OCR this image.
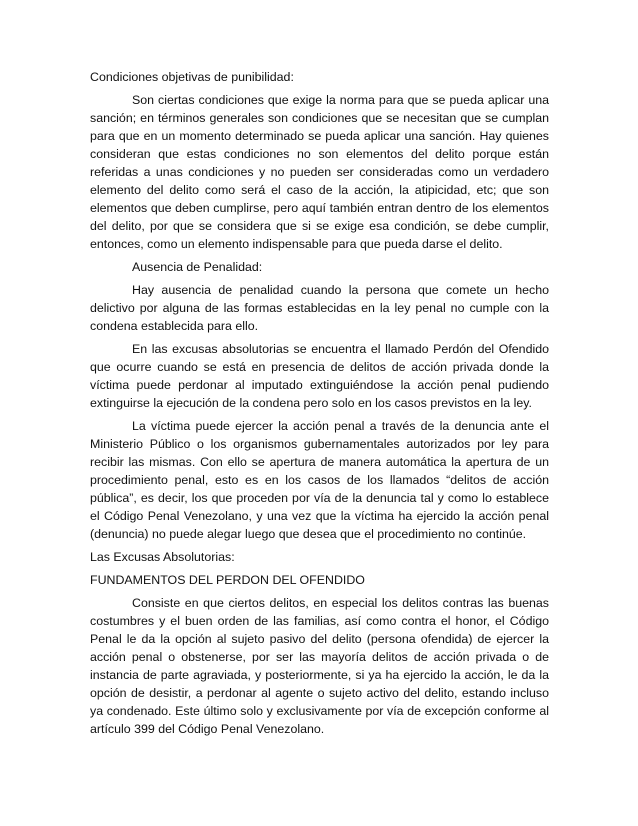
Condiciones objetivas de punibilidad:

Son ciertas condiciones que exige la norma para que se pueda aplicar una sanción; en términos generales son condiciones que se necesitan que se cumplan para que en un momento determinado se pueda aplicar una sanción. Hay quienes consideran que estas condiciones no son elementos del delito porque están referidas a unas condiciones y no pueden ser consideradas como un verdadero elemento del delito como será el caso de la acción, la atipicidad, etc; que son elementos que deben cumplirse, pero aquí también entran dentro de los elementos del delito, por que se considera que si se exige esa condición, se debe cumplir, entonces, como un elemento indispensable para que pueda darse el delito.

Ausencia de Penalidad:

Hay ausencia de penalidad cuando la persona que comete un hecho delictivo por alguna de las formas establecidas en la ley penal no cumple con la condena establecida para ello.

En las excusas absolutorias se encuentra el llamado Perdón del Ofendido que ocurre cuando se está en presencia de delitos de acción privada donde la víctima puede perdonar al imputado extinguiéndose la acción penal pudiendo extinguirse la ejecución de la condena pero solo en los casos previstos en la ley.

La víctima puede ejercer la acción penal a través de la denuncia ante el Ministerio Público o los organismos gubernamentales autorizados por ley para recibir las mismas. Con ello se apertura de manera automática la apertura de un procedimiento penal, esto es en los casos de los llamados “delitos de acción pública”, es decir, los que proceden por vía de la denuncia tal y como lo establece el Código Penal Venezolano, y una vez que la víctima ha ejercido la acción penal (denuncia) no puede alegar luego que desea que el procedimiento no continúe.

Las Excusas Absolutorias:

FUNDAMENTOS DEL PERDON DEL OFENDIDO

Consiste en que ciertos delitos, en especial los delitos contras las buenas costumbres y el buen orden de las familias, así como contra el honor, el Código Penal le da la opción al sujeto pasivo del delito (persona ofendida) de ejercer la acción penal o obstenerse, por ser las mayoría delitos de acción privada o de instancia de parte agraviada, y posteriormente, si ya ha ejercido la acción, le da la opción de desistir, a perdonar al agente o sujeto activo del delito, estando incluso ya condenado. Este último solo y exclusivamente por vía de excepción conforme al artículo 399 del Código Penal Venezolano.
